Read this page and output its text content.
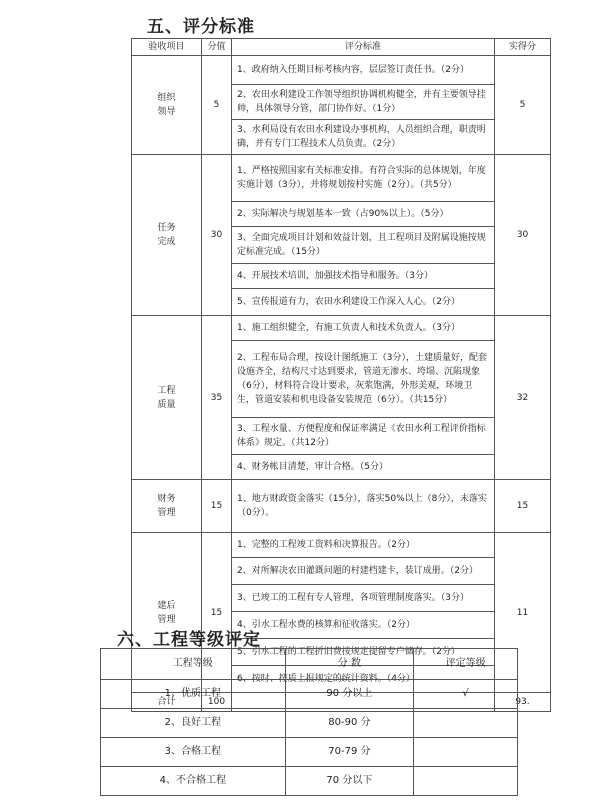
五、评分标准
验收项目	分值	评分标准	实得分
组织
领导	5	1、政府纳入任期目标考核内容，层层签订责任书。（2分）	5
		2、农田水利建设工作领导组织协调机构健全，并有主要领导挂帅，具体领导分管，部门协作好。（1分）	
		3、水利局设有农田水利建设办事机构，人员组织合理，职责明确，并有专门工程技术人员负责。（2分）	
任务
完成	30	1、严格按照国家有关标准安排。有符合实际的总体规划，年度实施计划（3分），并将规划按村实施（2分）。（共5分）	30
		2、实际解决与规划基本一致（占90%以上）。（5分）	
		3、全面完成项目计划和效益计划，且工程项目及附属设施按规定标准完成。（15分）	
		4、开展技术培训，加强技术指导和服务。（3分）	
		5、宣传报道有力，农田水利建设工作深入人心。（2分）	
工程
质量	35	1、施工组织健全，有施工负责人和技术负责人。（3分）	32
		2、工程布局合理，按设计图纸施工（3分），土建质量好，配套设施齐全，结构尺寸达到要求，管道无渗水、垮塌、沉陷现象（6分），材料符合设计要求，灰浆饱满，外形美观，环境卫生，管道安装和机电设备安装规范（6分）。（共15分）	
		3、工程水量、方便程度和保证率满足《农田水利工程评价指标体系》规定。（共12分）	
		4、财务帐目清楚，审计合格。（5分）	
财务
管理	15	1、地方财政资金落实（15分），落实50%以上（8分），未落实（0分）。	15
建后
管理	15	1、完整的工程竣工资料和决算报告。（2分）	11
		2、对所解决农田灌溉问题的村建档建卡，装订成册。（2分）	
		3、已竣工的工程有专人管理，各项管理制度落实。（3分）	
		4、引水工程水费的核算和征收落实。（2分）	
		5、引水工程的工程折旧费按规定提留专户储存。（2分）	
		6、按时、按质上报规定的统计资料。（4分）	
合计	100		93.
六、工程等级评定
工程等级	分 数	评定等级
1、优质工程	90 分以上	√
2、良好工程	80-90 分	
3、合格工程	70-79 分	
4、不合格工程	70 分以下	
